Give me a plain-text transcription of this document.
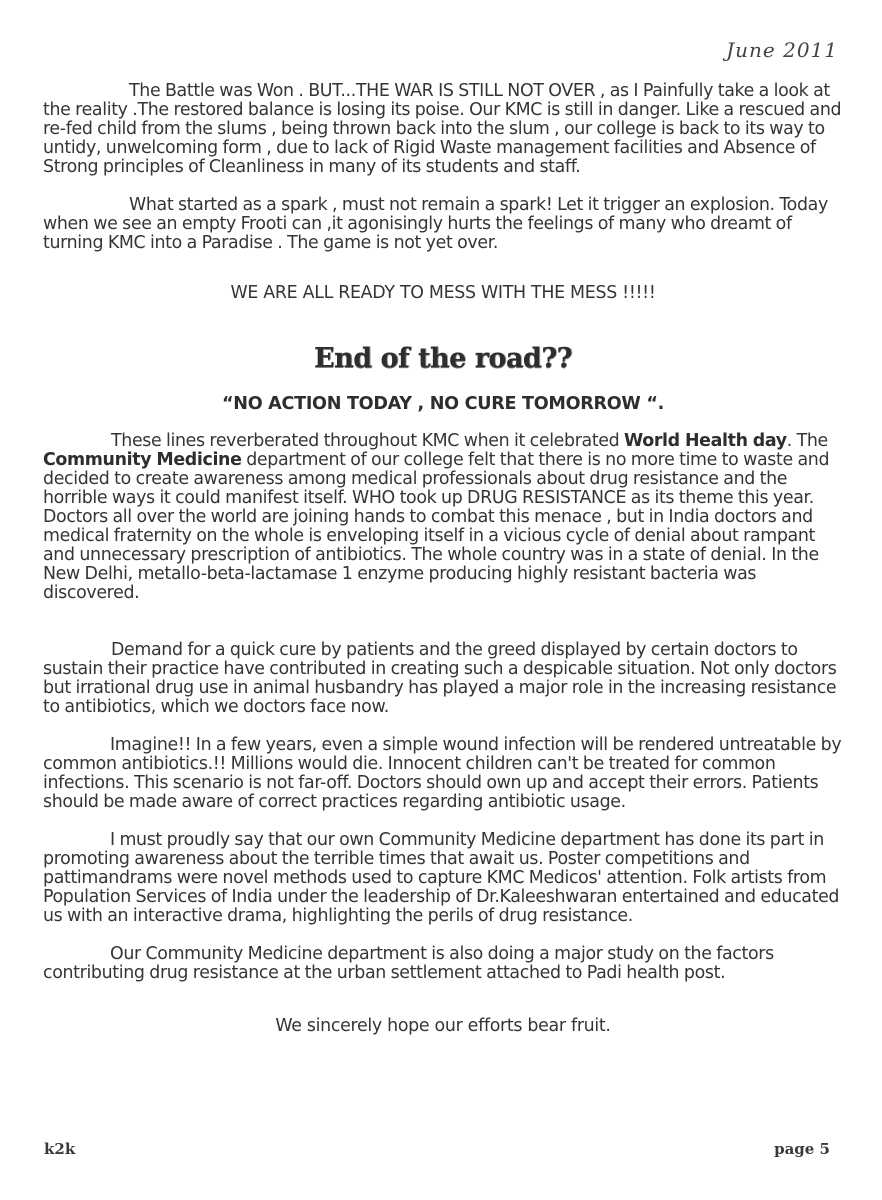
June 2011

The Battle was Won . BUT...THE WAR IS STILL NOT OVER , as I Painfully take a look at the reality .The restored balance is losing its poise. Our KMC is still in danger. Like a rescued and re-fed child from the slums , being thrown back into the slum , our college is back to its way to untidy, unwelcoming form , due to lack of Rigid Waste management facilities and Absence of Strong principles of Cleanliness in many of its students and staff.

What started as a spark , must not remain a spark! Let it trigger an explosion. Today when we see an empty Frooti can ,it agonisingly hurts the feelings of many who dreamt of turning KMC into a Paradise . The game is not yet over.

WE ARE ALL READY TO MESS WITH THE MESS !!!!!
End of the road??
“NO ACTION TODAY , NO CURE TOMORROW “.

These lines reverberated throughout KMC when it celebrated World Health day. The Community Medicine department of our college felt that there is no more time to waste and decided to create awareness among medical professionals about drug resistance and the horrible ways it could manifest itself. WHO took up DRUG RESISTANCE as its theme this year. Doctors all over the world are joining hands to combat this menace , but in India doctors and medical fraternity on the whole is enveloping itself in a vicious cycle of denial about rampant and unnecessary prescription of antibiotics. The whole country was in a state of denial. In the New Delhi, metallo-beta-lactamase 1 enzyme producing highly resistant bacteria was discovered.

Demand for a quick cure by patients and the greed displayed by certain doctors to sustain their practice have contributed in creating such a despicable situation. Not only doctors but irrational drug use in animal husbandry has played a major role in the increasing resistance to antibiotics, which we doctors face now.

Imagine!! In a few years, even a simple wound infection will be rendered untreatable by common antibiotics.!! Millions would die. Innocent children can't be treated for common infections. This scenario is not far-off. Doctors should own up and accept their errors. Patients should be made aware of correct practices regarding antibiotic usage.

I must proudly say that our own Community Medicine department has done its part in promoting awareness about the terrible times that await us. Poster competitions and pattimandrams were novel methods used to capture KMC Medicos' attention. Folk artists from Population Services of India under the leadership of Dr.Kaleeshwaran entertained and educated us with an interactive drama, highlighting the perils of drug resistance.

Our Community Medicine department is also doing a major study on the factors contributing drug resistance at the urban settlement attached to Padi health post.

We sincerely hope our efforts bear fruit.
k2k	page 5
